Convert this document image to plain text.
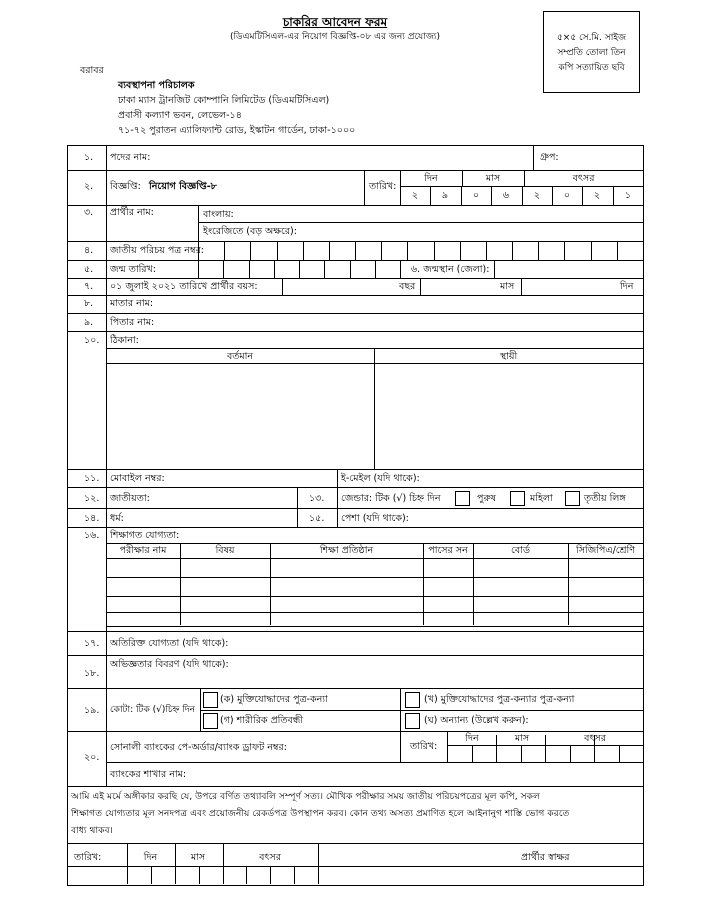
চাকরির আবেদন ফরম
(ডিএমটিসিএল-এর নিয়োগ বিজ্ঞপ্তি-০৮ এর জন্য প্রযোজ্য)	৫×৫ সে.মি. সাইজ
সম্প্রতি তোলা তিন
কপি সত্যায়িত ছবি
বরাবর
ব্যবস্থাপনা পরিচালক
ঢাকা ম্যাস ট্রানজিট কোম্পানি লিমিটেড (ডিএমটিসিএল)
প্রবাসী কল্যাণ ভবন, লেভেল-১৪
৭১-৭২ পুরাতন এ্যালিফ্যান্ট রোড, ইস্কাটন গার্ডেন, ঢাকা-১০০০
১. পদের নাম:	গ্রুপ:
২. বিজ্ঞপ্তি: নিয়োগ বিজ্ঞপ্তি-৮	তারিখ:
দিন	মাস	বৎসর
২	৯	০	৬	২	০	২	১
৩. প্রার্থীর নাম:	বাংলায়:
ইংরেজিতে (বড় অক্ষরে):
৪. জাতীয় পরিচয় পত্র নম্বর:
৫. জন্ম তারিখ:	৬. জন্মস্থান (জেলা):
৭. ০১ জুলাই ২০২১ তারিখে প্রার্থীর বয়স:	বছর	মাস	দিন
৮. মাতার নাম:
৯. পিতার নাম:
১০. ঠিকানা:
বর্তমান	স্থায়ী
১১. মোবাইল নম্বর:	ই-মেইল (যদি থাকে):
১২. জাতীয়তা:	১৩. জেন্ডার: টিক (√) চিহ্ন দিন	পুরুষ	মহিলা	তৃতীয় লিঙ্গ
১৪. ধর্ম:	১৫. পেশা (যদি থাকে):
১৬. শিক্ষাগত যোগ্যতা:
পরীক্ষার নাম	বিষয়	শিক্ষা প্রতিষ্ঠান	পাসের সন	বোর্ড	সিজিপিএ/শ্রেণি
১৭. অতিরিক্ত যোগ্যতা (যদি থাকে):
১৮.
অভিজ্ঞতার বিবরণ (যদি থাকে):
১৯. কোটা: টিক (√)চিহ্ন দিন
(ক) মুক্তিযোদ্ধাদের পুত্র-কন্যা	(খ) মুক্তিযোদ্ধাদের পুত্র-কন্যার পুত্র-কন্যা
(গ) শারীরিক প্রতিবন্ধী	(ঘ) অন্যান্য (উল্লেখ করুন):
২০.
সোনালী ব্যাংকের পে-অর্ডার/ব্যাংক ড্রাফট নম্বর:
ব্যাংকের শাখার নাম:
তারিখ:
দিন	মাস	বৎসর
আমি এই মর্মে অঙ্গীকার করছি যে, উপরে বর্ণিত তথ্যাবলি সম্পূর্ণ সত্য। মৌখিক পরীক্ষার সময় জাতীয় পরিচয়পত্রের মূল কপি, সকল
শিক্ষাগত যোগ্যতার মূল সনদপত্র এবং প্রয়োজনীয় রেকর্ডপত্র উপস্থাপন করব। কোন তথ্য অসত্য প্রমাণিত হলে আইনানুগ শাস্তি ভোগ করতে
বাধ্য থাকব।
তারিখ:	দিন	মাস	বৎসর	প্রার্থীর স্বাক্ষর
